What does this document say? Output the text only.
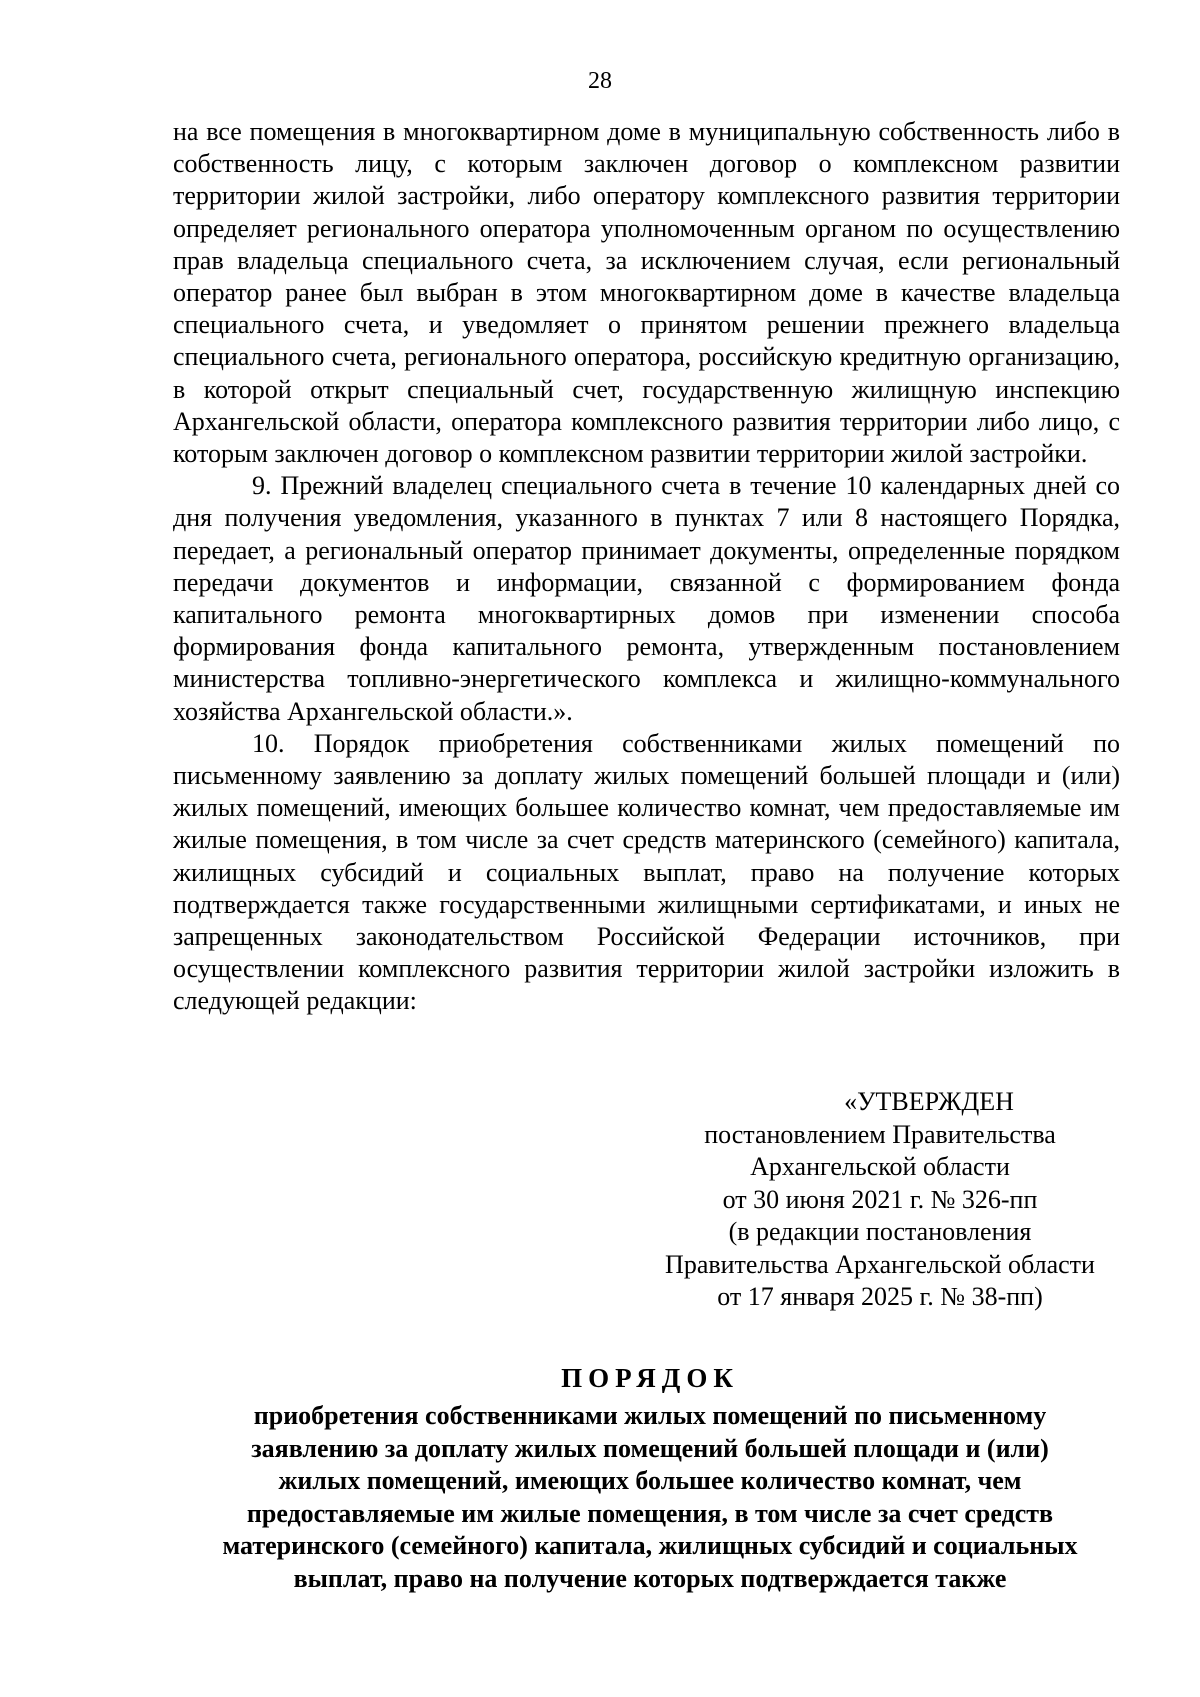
28

на все помещения в многоквартирном доме в муниципальную собственность либо в собственность лицу, с которым заключен договор о комплексном развитии территории жилой застройки, либо оператору комплексного развития территории определяет регионального оператора уполномоченным органом по осуществлению прав владельца специального счета, за исключением случая, если региональный оператор ранее был выбран в этом многоквартирном доме в качестве владельца специального счета, и уведомляет о принятом решении прежнего владельца специального счета, регионального оператора, российскую кредитную организацию, в которой открыт специальный счет, государственную жилищную инспекцию Архангельской области, оператора комплексного развития территории либо лицо, с которым заключен договор о комплексном развитии территории жилой застройки.

9. Прежний владелец специального счета в течение 10 календарных дней со дня получения уведомления, указанного в пунктах 7 или 8 настоящего Порядка, передает, а региональный оператор принимает документы, определенные порядком передачи документов и информации, связанной с формированием фонда капитального ремонта многоквартирных домов при изменении способа формирования фонда капитального ремонта, утвержденным постановлением министерства топливно-энергетического комплекса и жилищно-коммунального хозяйства Архангельской области.».

10. Порядок приобретения собственниками жилых помещений по письменному заявлению за доплату жилых помещений большей площади и (или) жилых помещений, имеющих большее количество комнат, чем предоставляемые им жилые помещения, в том числе за счет средств материнского (семейного) капитала, жилищных субсидий и социальных выплат, право на получение которых подтверждается также государственными жилищными сертификатами, и иных не запрещенных законодательством Российской Федерации источников, при осуществлении комплексного развития территории жилой застройки изложить в следующей редакции:

«УТВЕРЖДЕН
постановлением Правительства
Архангельской области
от 30 июня 2021 г. № 326-пп
(в редакции постановления
Правительства Архангельской области
от 17 января 2025 г. № 38-пп)
ПОРЯДОК
приобретения собственниками жилых помещений по письменному
заявлению за доплату жилых помещений большей площади и (или)
жилых помещений, имеющих большее количество комнат, чем
предоставляемые им жилые помещения, в том числе за счет средств
материнского (семейного) капитала, жилищных субсидий и социальных
выплат, право на получение которых подтверждается также
